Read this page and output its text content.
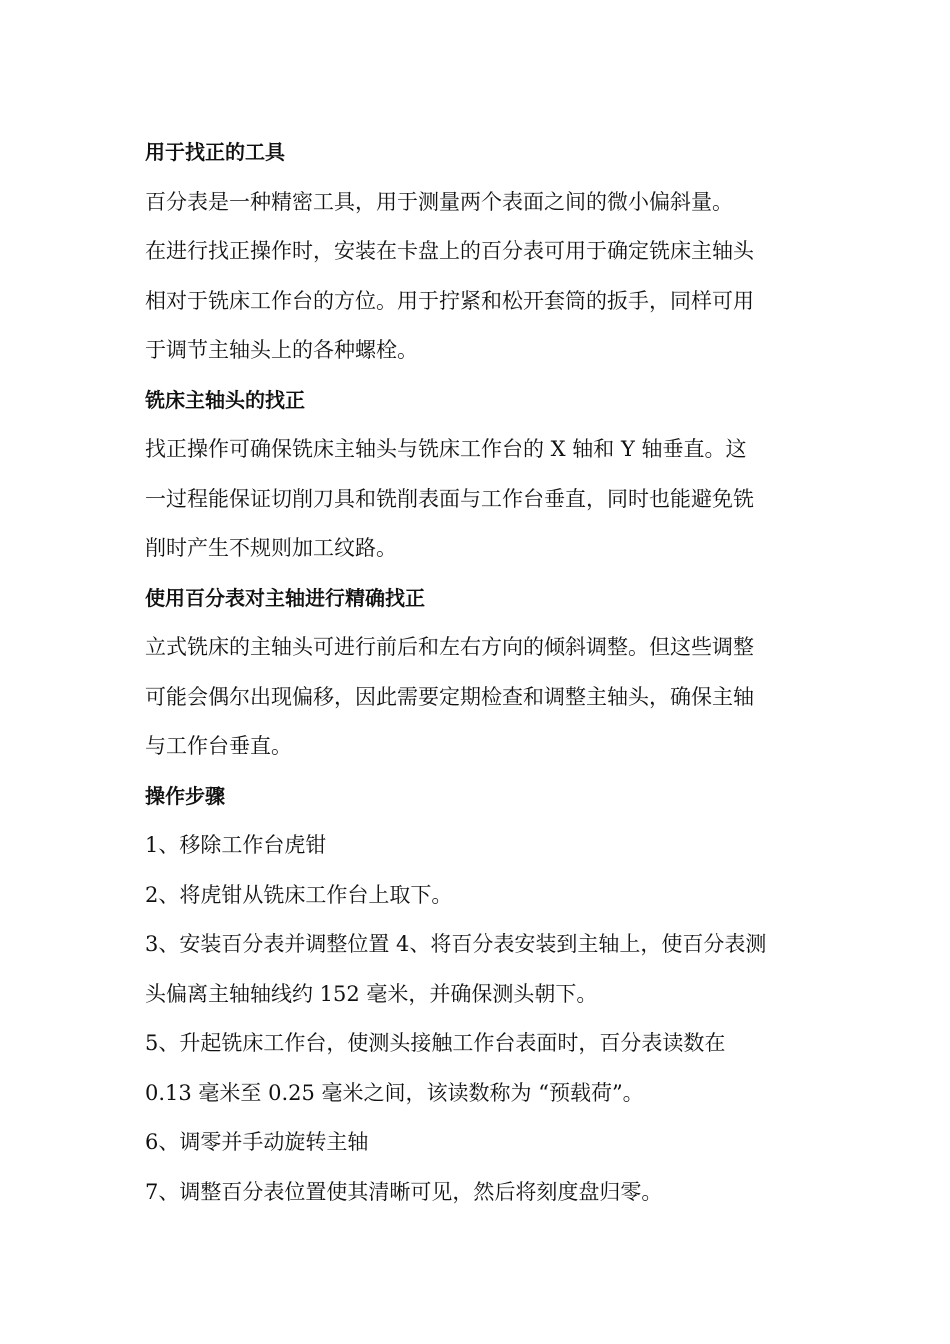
用于找正的工具
百分表是一种精密工具，用于测量两个表面之间的微小偏斜量。
在进行找正操作时，安装在卡盘上的百分表可用于确定铣床主轴头
相对于铣床工作台的方位。用于拧紧和松开套筒的扳手，同样可用
于调节主轴头上的各种螺栓。
铣床主轴头的找正
找正操作可确保铣床主轴头与铣床工作台的 X 轴和 Y 轴垂直。这
一过程能保证切削刀具和铣削表面与工作台垂直，同时也能避免铣
削时产生不规则加工纹路。
使用百分表对主轴进行精确找正
立式铣床的主轴头可进行前后和左右方向的倾斜调整。但这些调整
可能会偶尔出现偏移，因此需要定期检查和调整主轴头，确保主轴
与工作台垂直。
操作步骤
1、移除工作台虎钳
2、将虎钳从铣床工作台上取下。
3、安装百分表并调整位置 4、将百分表安装到主轴上，使百分表测
头偏离主轴轴线约 152 毫米，并确保测头朝下。
5、升起铣床工作台，使测头接触工作台表面时，百分表读数在
0.13 毫米至 0.25 毫米之间，该读数称为 “预载荷”。
6、调零并手动旋转主轴
7、调整百分表位置使其清晰可见，然后将刻度盘归零。
